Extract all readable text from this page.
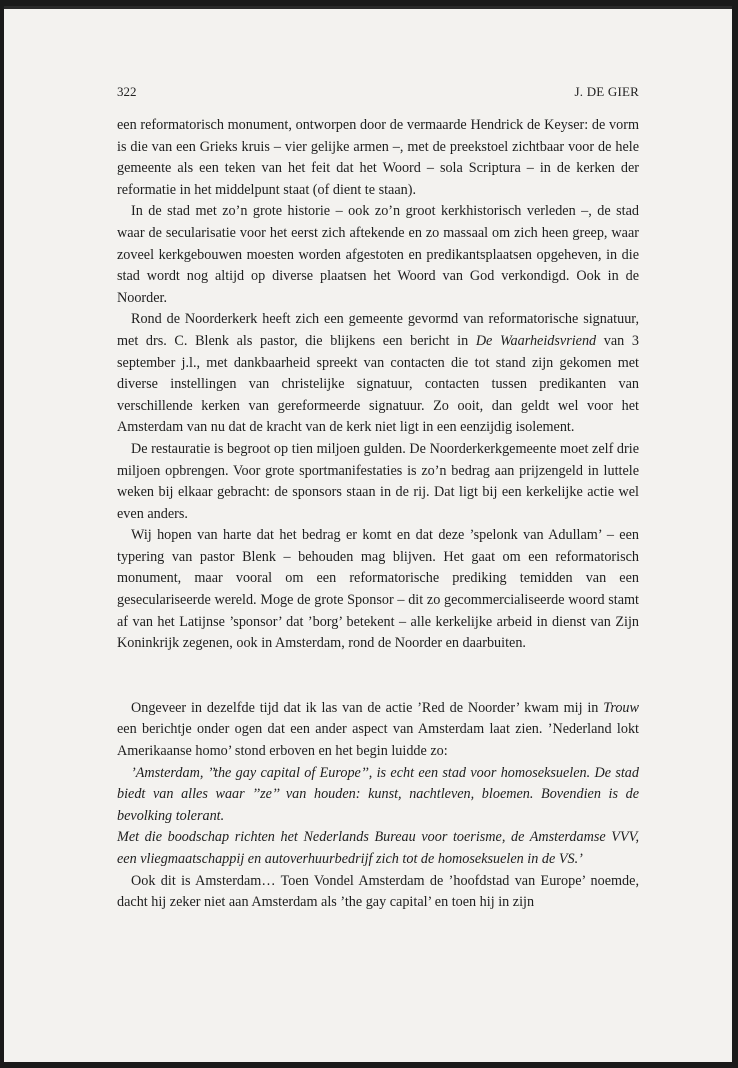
322	J. DE GIER

een reformatorisch monument, ontworpen door de vermaarde Hendrick de Keyser: de vorm is die van een Grieks kruis – vier gelijke armen –, met de preekstoel zichtbaar voor de hele gemeente als een teken van het feit dat het Woord – sola Scriptura – in de kerken der reformatie in het middelpunt staat (of dient te staan).

In de stad met zo’n grote historie – ook zo’n groot kerkhistorisch verleden –, de stad waar de secularisatie voor het eerst zich aftekende en zo massaal om zich heen greep, waar zoveel kerkgebouwen moesten worden afgestoten en predikantsplaatsen opgeheven, in die stad wordt nog altijd op diverse plaatsen het Woord van God verkondigd. Ook in de Noorder.

Rond de Noorderkerk heeft zich een gemeente gevormd van reformatorische signatuur, met drs. C. Blenk als pastor, die blijkens een bericht in De Waarheidsvriend van 3 september j.l., met dankbaarheid spreekt van contacten die tot stand zijn gekomen met diverse instellingen van christelijke signatuur, contacten tussen predikanten van verschillende kerken van gereformeerde signatuur. Zo ooit, dan geldt wel voor het Amsterdam van nu dat de kracht van de kerk niet ligt in een eenzijdig isolement.

De restauratie is begroot op tien miljoen gulden. De Noorderkerkgemeente moet zelf drie miljoen opbrengen. Voor grote sportmanifestaties is zo’n bedrag aan prijzengeld in luttele weken bij elkaar gebracht: de sponsors staan in de rij. Dat ligt bij een kerkelijke actie wel even anders.

Wij hopen van harte dat het bedrag er komt en dat deze ’spelonk van Adullam’ – een typering van pastor Blenk – behouden mag blijven. Het gaat om een reformatorisch monument, maar vooral om een reformatorische prediking temidden van een geseculariseerde wereld. Moge de grote Sponsor – dit zo gecommercialiseerde woord stamt af van het Latijnse ’sponsor’ dat ’borg’ betekent – alle kerkelijke arbeid in dienst van Zijn Koninkrijk zegenen, ook in Amsterdam, rond de Noorder en daarbuiten.

Ongeveer in dezelfde tijd dat ik las van de actie ’Red de Noorder’ kwam mij in Trouw een berichtje onder ogen dat een ander aspect van Amsterdam laat zien. ’Nederland lokt Amerikaanse homo’ stond erboven en het begin luidde zo:

’Amsterdam, ’’the gay capital of Europe’’, is echt een stad voor homoseksuelen. De stad biedt van alles waar ’’ze’’ van houden: kunst, nachtleven, bloemen. Bovendien is de bevolking tolerant.

Met die boodschap richten het Nederlands Bureau voor toerisme, de Amsterdamse VVV, een vliegmaatschappij en autoverhuurbedrijf zich tot de homoseksuelen in de VS.’

Ook dit is Amsterdam… Toen Vondel Amsterdam de ’hoofdstad van Europe’ noemde, dacht hij zeker niet aan Amsterdam als ’the gay capital’ en toen hij in zijn
